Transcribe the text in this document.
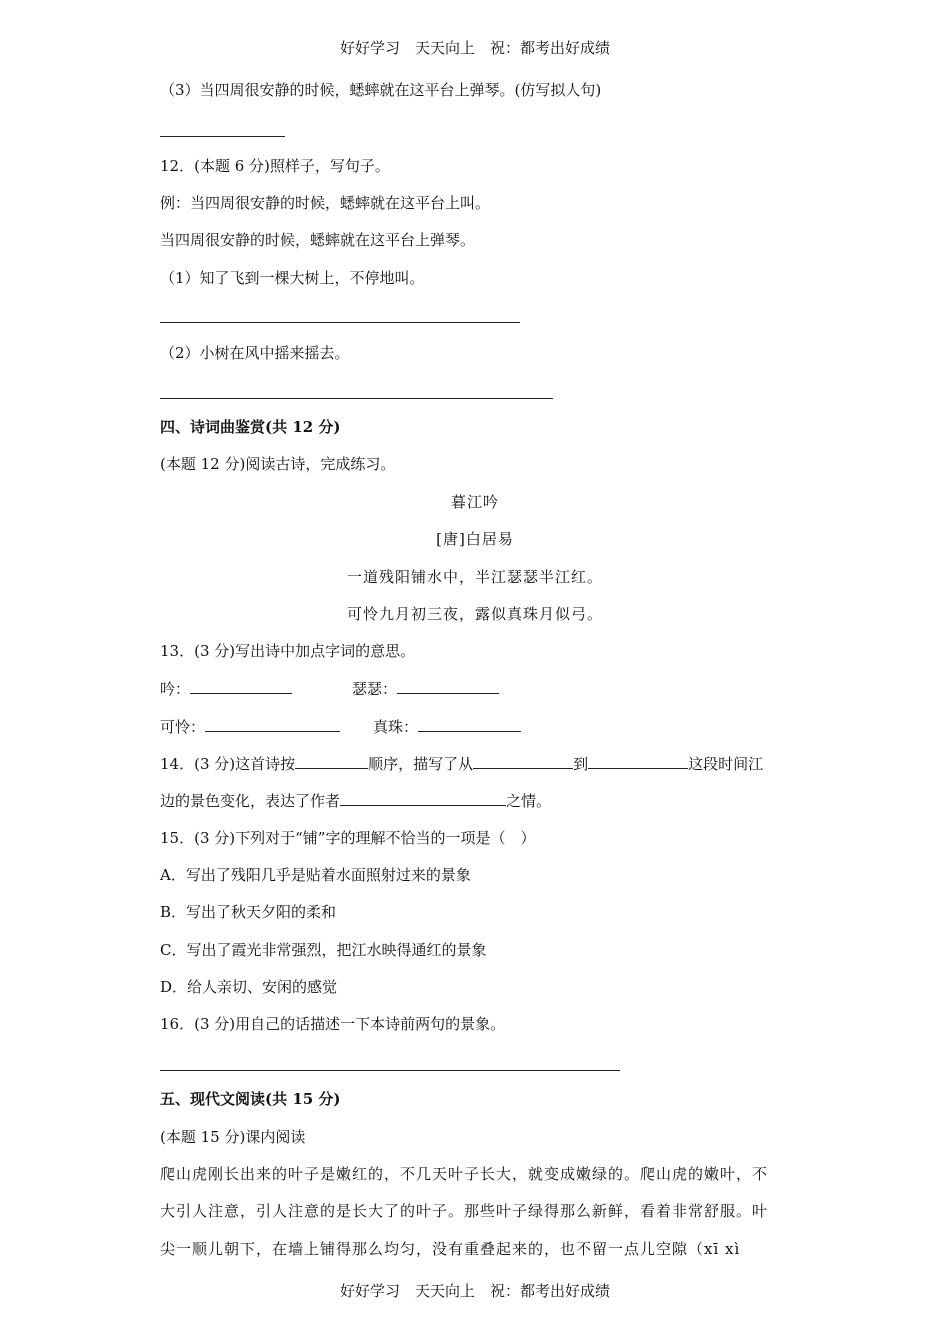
好好学习　天天向上　祝：都考出好成绩
（3）当四周很安静的时候，蟋蟀就在这平台上弹琴。(仿写拟人句)
12．(本题 6 分)照样子，写句子。
例：当四周很安静的时候，蟋蟀就在这平台上叫。
当四周很安静的时候，蟋蟀就在这平台上弹琴。
（1）知了飞到一棵大树上，不停地叫。
（2）小树在风中摇来摇去。
四、诗词曲鉴赏(共 12 分)
(本题 12 分)阅读古诗，完成练习。
暮江吟
[唐]白居易
一道残阳铺水中，半江瑟瑟半江红。
可怜九月初三夜，露似真珠月似弓。
13．(3 分)写出诗中加点字词的意思。
吟：	瑟瑟：
可怜：	真珠：
14．(3 分)这首诗按	顺序，描写了从	到	这段时间江
边的景色变化，表达了作者	之情。
15．(3 分)下列对于“铺”字的理解不恰当的一项是（　）
A．写出了残阳几乎是贴着水面照射过来的景象
B．写出了秋天夕阳的柔和
C．写出了霞光非常强烈，把江水映得通红的景象
D．给人亲切、安闲的感觉
16．(3 分)用自己的话描述一下本诗前两句的景象。
五、现代文阅读(共 15 分)
(本题 15 分)课内阅读
爬山虎刚长出来的叶子是嫩红的，不几天叶子长大，就变成嫩绿的。爬山虎的嫩叶，不
大引人注意，引人注意的是长大了的叶子。那些叶子绿得那么新鲜，看着非常舒服。叶
尖一顺儿朝下，在墙上铺得那么均匀，没有重叠起来的，也不留一点儿空隙（xī xì
好好学习　天天向上　祝：都考出好成绩
